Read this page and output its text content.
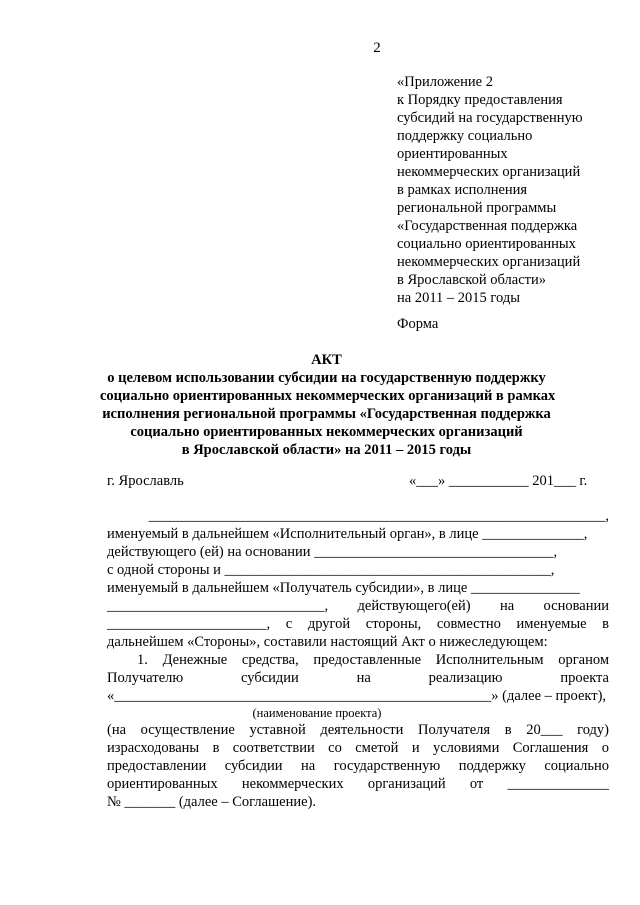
2
«Приложение 2
к Порядку предоставления
субсидий на государственную
поддержку социально
ориентированных
некоммерческих организаций
в рамках исполнения
региональной программы
«Государственная поддержка
социально ориентированных
некоммерческих организаций
в Ярославской области»
на 2011 – 2015 годы
Форма
АКТ
о целевом использовании субсидии на государственную поддержку
социально ориентированных некоммерческих организаций в рамках
исполнения региональной программы «Государственная поддержка
социально ориентированных некоммерческих организаций
в Ярославской области» на 2011 – 2015 годы
г. Ярославль	«___» ___________ 201___ г.
_______________________________________________________________,
именуемый в дальнейшем «Исполнительный орган», в лице ______________,
действующего (ей) на основании _________________________________,
с одной стороны и _____________________________________________,
именуемый в дальнейшем «Получатель субсидии», в лице _______________
______________________________, действующего(ей) на основании
______________________, с другой стороны, совместно именуемые в
дальнейшем «Стороны», составили настоящий Акт о нижеследующем:
1. Денежные средства, предоставленные Исполнительным органом
Получателю субсидии на реализацию проекта
«____________________________________________________» (далее – проект),
(наименование проекта)
(на осуществление уставной деятельности Получателя в 20___ году)
израсходованы в соответствии со сметой и условиями Соглашения о
предоставлении субсидии на государственную поддержку социально
ориентированных некоммерческих организаций от ______________
№ _______ (далее – Соглашение).
